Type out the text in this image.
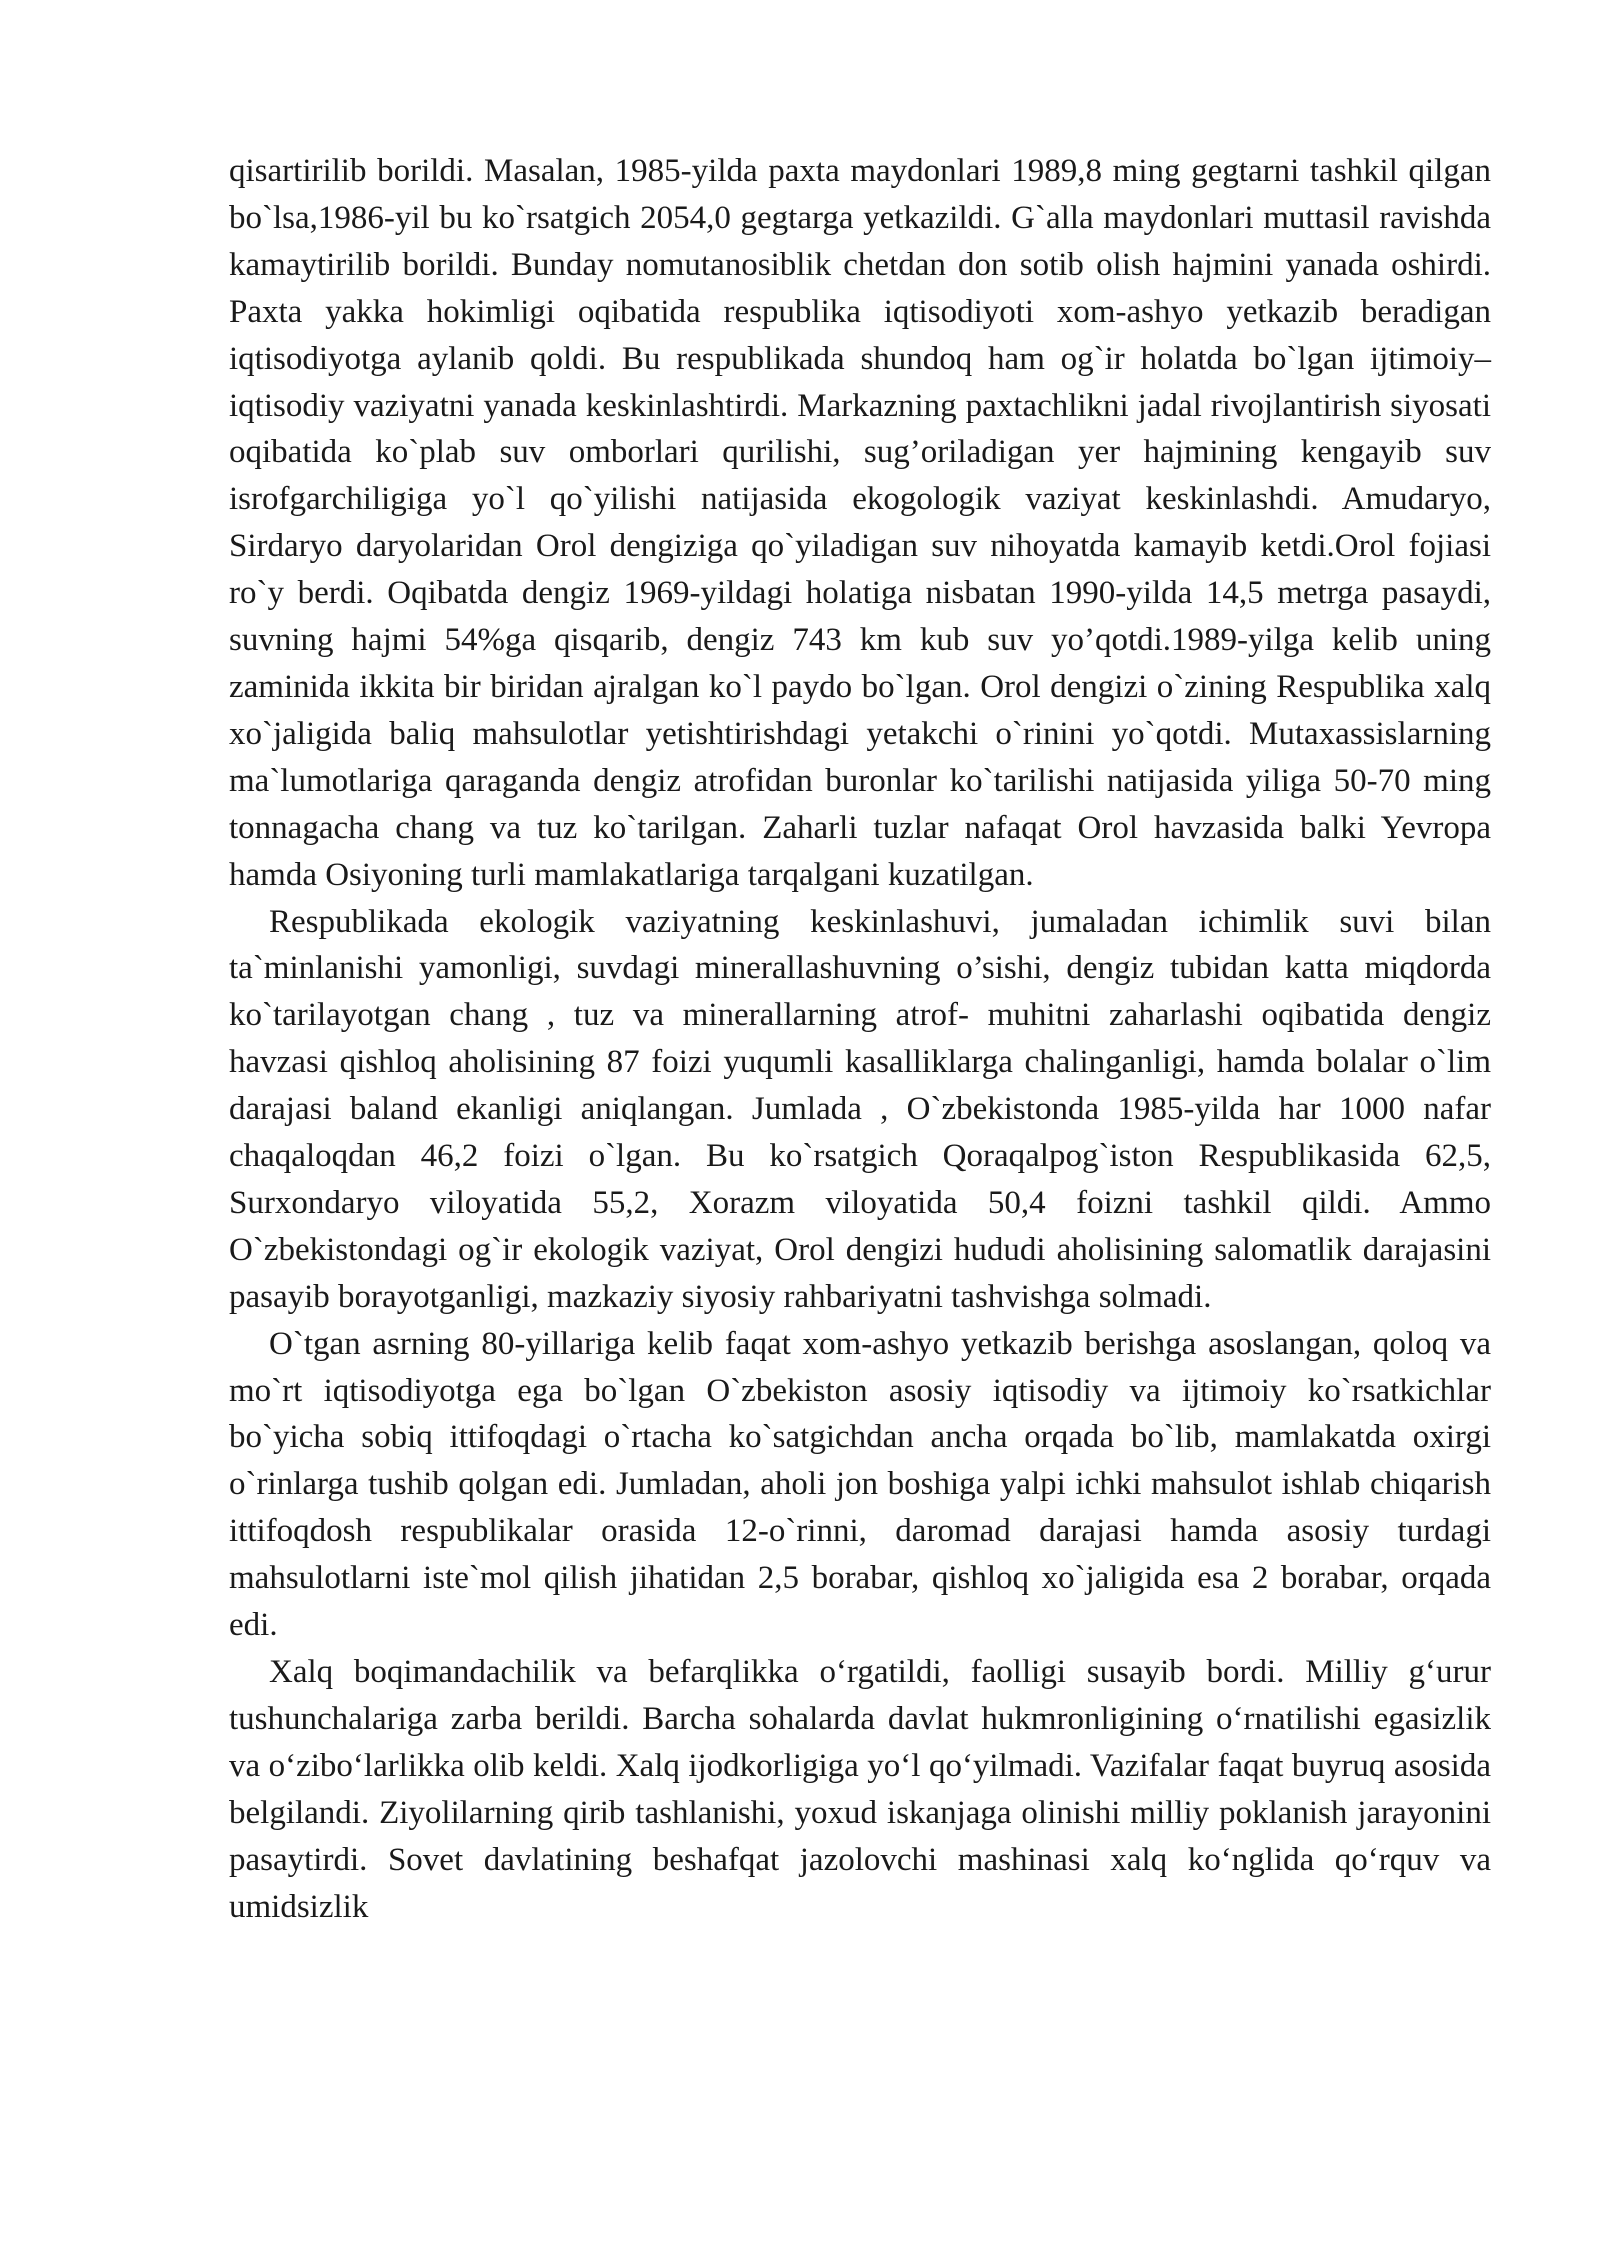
qisartirilib borildi. Masalan, 1985-yilda paxta maydonlari 1989,8 ming gegtarni tashkil qilgan bo`lsa,1986-yil bu ko`rsatgich 2054,0 gegtarga yetkazildi. G`alla maydonlari muttasil ravishda kamaytirilib borildi. Bunday nomutanosiblik chetdan don sotib olish hajmini yanada oshirdi. Paxta yakka hokimligi oqibatida respublika iqtisodiyoti xom-ashyo yetkazib beradigan iqtisodiyotga aylanib qoldi. Bu respublikada shundoq ham og`ir holatda bo`lgan ijtimoiy–iqtisodiy vaziyatni yanada keskinlashtirdi. Markazning paxtachlikni jadal rivojlantirish siyosati oqibatida ko`plab suv omborlari qurilishi, sug’oriladigan yer hajmining kengayib suv isrofgarchiligiga yo`l qo`yilishi natijasida ekogologik vaziyat keskinlashdi. Amudaryo, Sirdaryo daryolaridan Orol dengiziga qo`yiladigan suv nihoyatda kamayib ketdi.Orol fojiasi ro`y berdi. Oqibatda dengiz 1969-yildagi holatiga nisbatan 1990-yilda 14,5 metrga pasaydi, suvning hajmi 54%ga qisqarib, dengiz 743 km kub suv yo’qotdi.1989-yilga kelib uning zaminida ikkita bir biridan ajralgan ko`l paydo bo`lgan. Orol dengizi o`zining Respublika xalq xo`jaligida baliq mahsulotlar yetishtirishdagi yetakchi o`rinini yo`qotdi. Mutaxassislarning ma`lumotlariga qaraganda dengiz atrofidan buronlar ko`tarilishi natijasida yiliga 50-70 ming tonnagacha chang va tuz ko`tarilgan. Zaharli tuzlar nafaqat Orol havzasida balki Yevropa hamda Osiyoning turli mamlakatlariga tarqalgani kuzatilgan.

Respublikada ekologik vaziyatning keskinlashuvi, jumaladan ichimlik suvi bilan ta`minlanishi yamonligi, suvdagi minerallashuvning o’sishi, dengiz tubidan katta miqdorda ko`tarilayotgan chang , tuz va minerallarning atrof- muhitni zaharlashi oqibatida dengiz havzasi qishloq aholisining 87 foizi yuqumli kasalliklarga chalinganligi, hamda bolalar o`lim darajasi baland ekanligi aniqlangan. Jumlada , O`zbekistonda 1985-yilda har 1000 nafar chaqaloqdan 46,2 foizi o`lgan. Bu ko`rsatgich Qoraqalpog`iston Respublikasida 62,5, Surxondaryo viloyatida 55,2, Xorazm viloyatida 50,4 foizni tashkil qildi. Ammo O`zbekistondagi og`ir ekologik vaziyat, Orol dengizi hududi aholisining salomatlik darajasini pasayib borayotganligi, mazkaziy siyosiy rahbariyatni tashvishga solmadi.

O`tgan asrning 80-yillariga kelib faqat xom-ashyo yetkazib berishga asoslangan, qoloq va mo`rt iqtisodiyotga ega bo`lgan O`zbekiston asosiy iqtisodiy va ijtimoiy ko`rsatkichlar bo`yicha sobiq ittifoqdagi o`rtacha ko`satgichdan ancha orqada bo`lib, mamlakatda oxirgi o`rinlarga tushib qolgan edi. Jumladan, aholi jon boshiga yalpi ichki mahsulot ishlab chiqarish ittifoqdosh respublikalar orasida 12-o`rinni, daromad darajasi hamda asosiy turdagi mahsulotlarni iste`mol qilish jihatidan 2,5 borabar, qishloq xo`jaligida esa 2 borabar, orqada edi.

Xalq boqimandachilik va befarqlikka o‘rgatildi, faolligi susayib bordi. Milliy g‘urur tushunchalariga zarba berildi. Barcha sohalarda davlat hukmronligining o‘rnatilishi egasizlik va o‘zibo‘larlikka olib keldi. Xalq ijodkorligiga yo‘l qo‘yilmadi. Vazifalar faqat buyruq asosida belgilandi. Ziyolilarning qirib tashlanishi, yoxud iskanjaga olinishi milliy poklanish jarayonini pasaytirdi. Sovet davlatining beshafqat jazolovchi mashinasi xalq ko‘nglida qo‘rquv va umidsizlik
